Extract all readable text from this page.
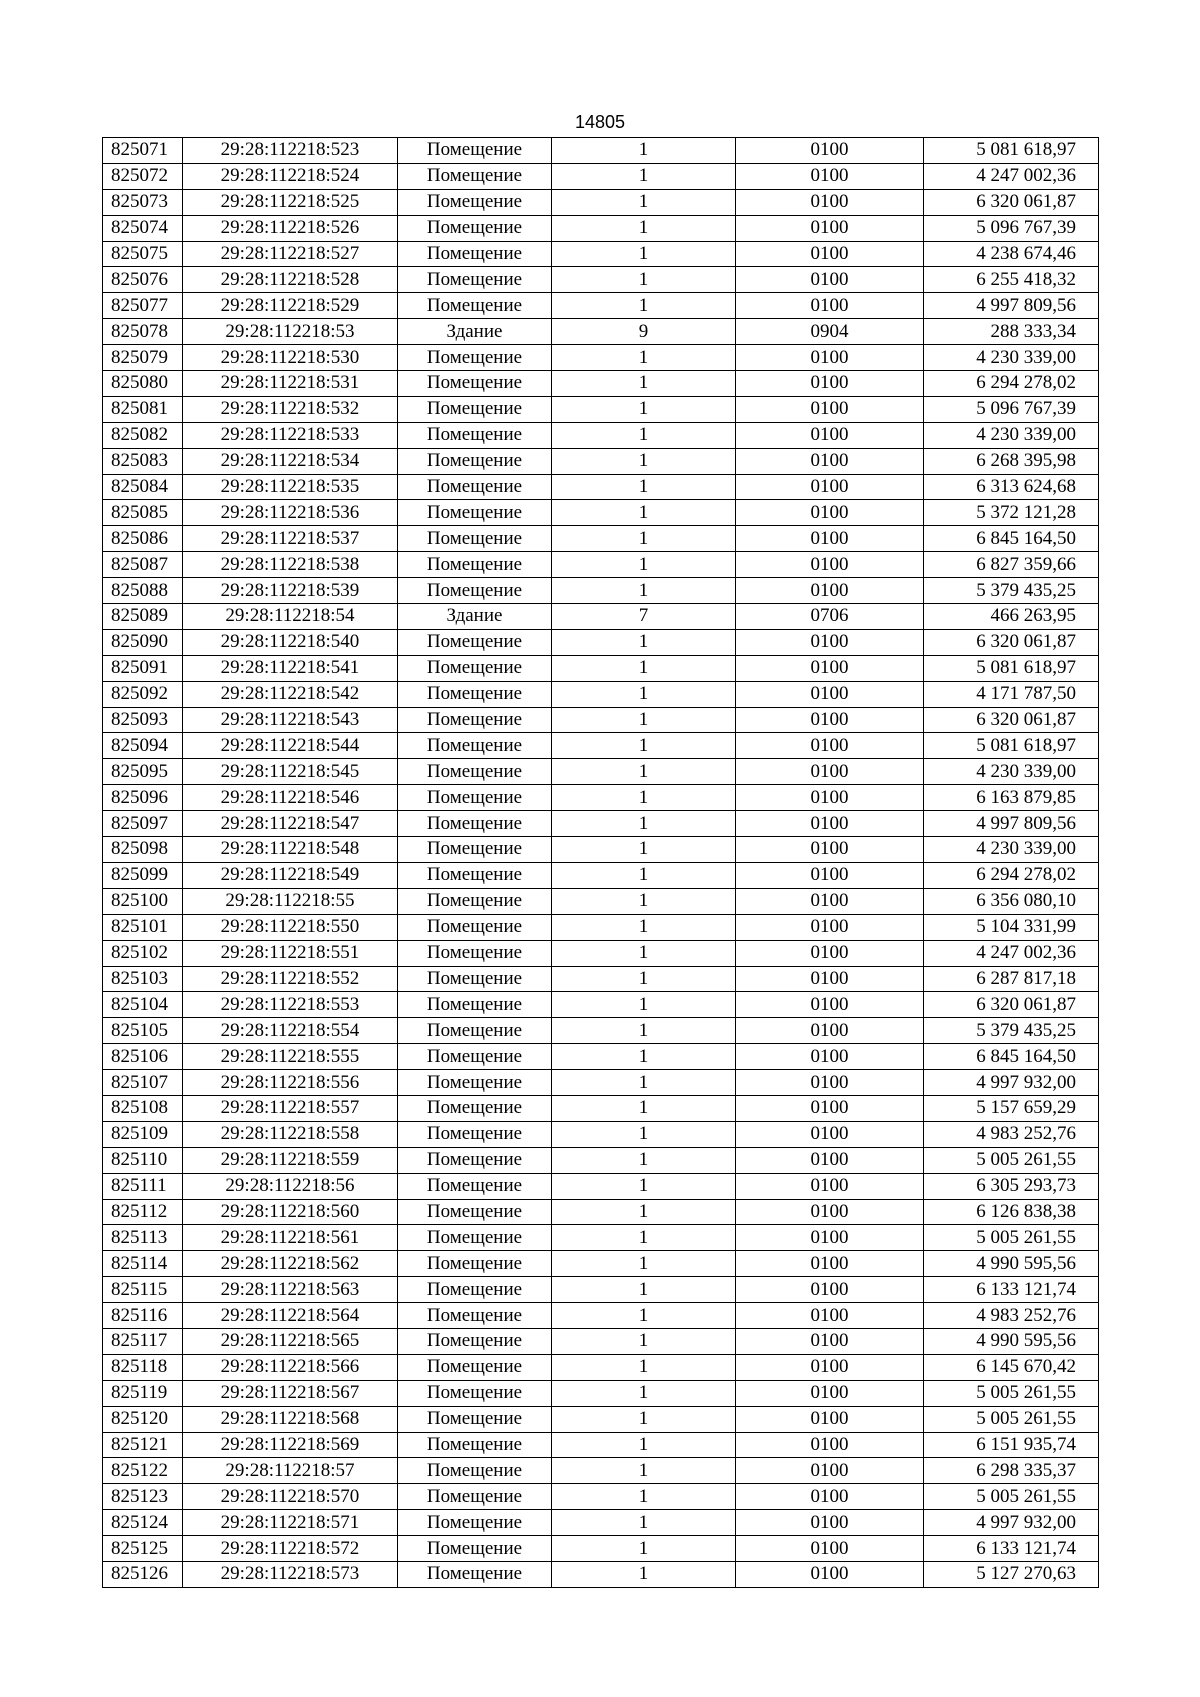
14805
825071	29:28:112218:523	Помещение	1	0100	5 081 618,97
825072	29:28:112218:524	Помещение	1	0100	4 247 002,36
825073	29:28:112218:525	Помещение	1	0100	6 320 061,87
825074	29:28:112218:526	Помещение	1	0100	5 096 767,39
825075	29:28:112218:527	Помещение	1	0100	4 238 674,46
825076	29:28:112218:528	Помещение	1	0100	6 255 418,32
825077	29:28:112218:529	Помещение	1	0100	4 997 809,56
825078	29:28:112218:53	Здание	9	0904	288 333,34
825079	29:28:112218:530	Помещение	1	0100	4 230 339,00
825080	29:28:112218:531	Помещение	1	0100	6 294 278,02
825081	29:28:112218:532	Помещение	1	0100	5 096 767,39
825082	29:28:112218:533	Помещение	1	0100	4 230 339,00
825083	29:28:112218:534	Помещение	1	0100	6 268 395,98
825084	29:28:112218:535	Помещение	1	0100	6 313 624,68
825085	29:28:112218:536	Помещение	1	0100	5 372 121,28
825086	29:28:112218:537	Помещение	1	0100	6 845 164,50
825087	29:28:112218:538	Помещение	1	0100	6 827 359,66
825088	29:28:112218:539	Помещение	1	0100	5 379 435,25
825089	29:28:112218:54	Здание	7	0706	466 263,95
825090	29:28:112218:540	Помещение	1	0100	6 320 061,87
825091	29:28:112218:541	Помещение	1	0100	5 081 618,97
825092	29:28:112218:542	Помещение	1	0100	4 171 787,50
825093	29:28:112218:543	Помещение	1	0100	6 320 061,87
825094	29:28:112218:544	Помещение	1	0100	5 081 618,97
825095	29:28:112218:545	Помещение	1	0100	4 230 339,00
825096	29:28:112218:546	Помещение	1	0100	6 163 879,85
825097	29:28:112218:547	Помещение	1	0100	4 997 809,56
825098	29:28:112218:548	Помещение	1	0100	4 230 339,00
825099	29:28:112218:549	Помещение	1	0100	6 294 278,02
825100	29:28:112218:55	Помещение	1	0100	6 356 080,10
825101	29:28:112218:550	Помещение	1	0100	5 104 331,99
825102	29:28:112218:551	Помещение	1	0100	4 247 002,36
825103	29:28:112218:552	Помещение	1	0100	6 287 817,18
825104	29:28:112218:553	Помещение	1	0100	6 320 061,87
825105	29:28:112218:554	Помещение	1	0100	5 379 435,25
825106	29:28:112218:555	Помещение	1	0100	6 845 164,50
825107	29:28:112218:556	Помещение	1	0100	4 997 932,00
825108	29:28:112218:557	Помещение	1	0100	5 157 659,29
825109	29:28:112218:558	Помещение	1	0100	4 983 252,76
825110	29:28:112218:559	Помещение	1	0100	5 005 261,55
825111	29:28:112218:56	Помещение	1	0100	6 305 293,73
825112	29:28:112218:560	Помещение	1	0100	6 126 838,38
825113	29:28:112218:561	Помещение	1	0100	5 005 261,55
825114	29:28:112218:562	Помещение	1	0100	4 990 595,56
825115	29:28:112218:563	Помещение	1	0100	6 133 121,74
825116	29:28:112218:564	Помещение	1	0100	4 983 252,76
825117	29:28:112218:565	Помещение	1	0100	4 990 595,56
825118	29:28:112218:566	Помещение	1	0100	6 145 670,42
825119	29:28:112218:567	Помещение	1	0100	5 005 261,55
825120	29:28:112218:568	Помещение	1	0100	5 005 261,55
825121	29:28:112218:569	Помещение	1	0100	6 151 935,74
825122	29:28:112218:57	Помещение	1	0100	6 298 335,37
825123	29:28:112218:570	Помещение	1	0100	5 005 261,55
825124	29:28:112218:571	Помещение	1	0100	4 997 932,00
825125	29:28:112218:572	Помещение	1	0100	6 133 121,74
825126	29:28:112218:573	Помещение	1	0100	5 127 270,63
